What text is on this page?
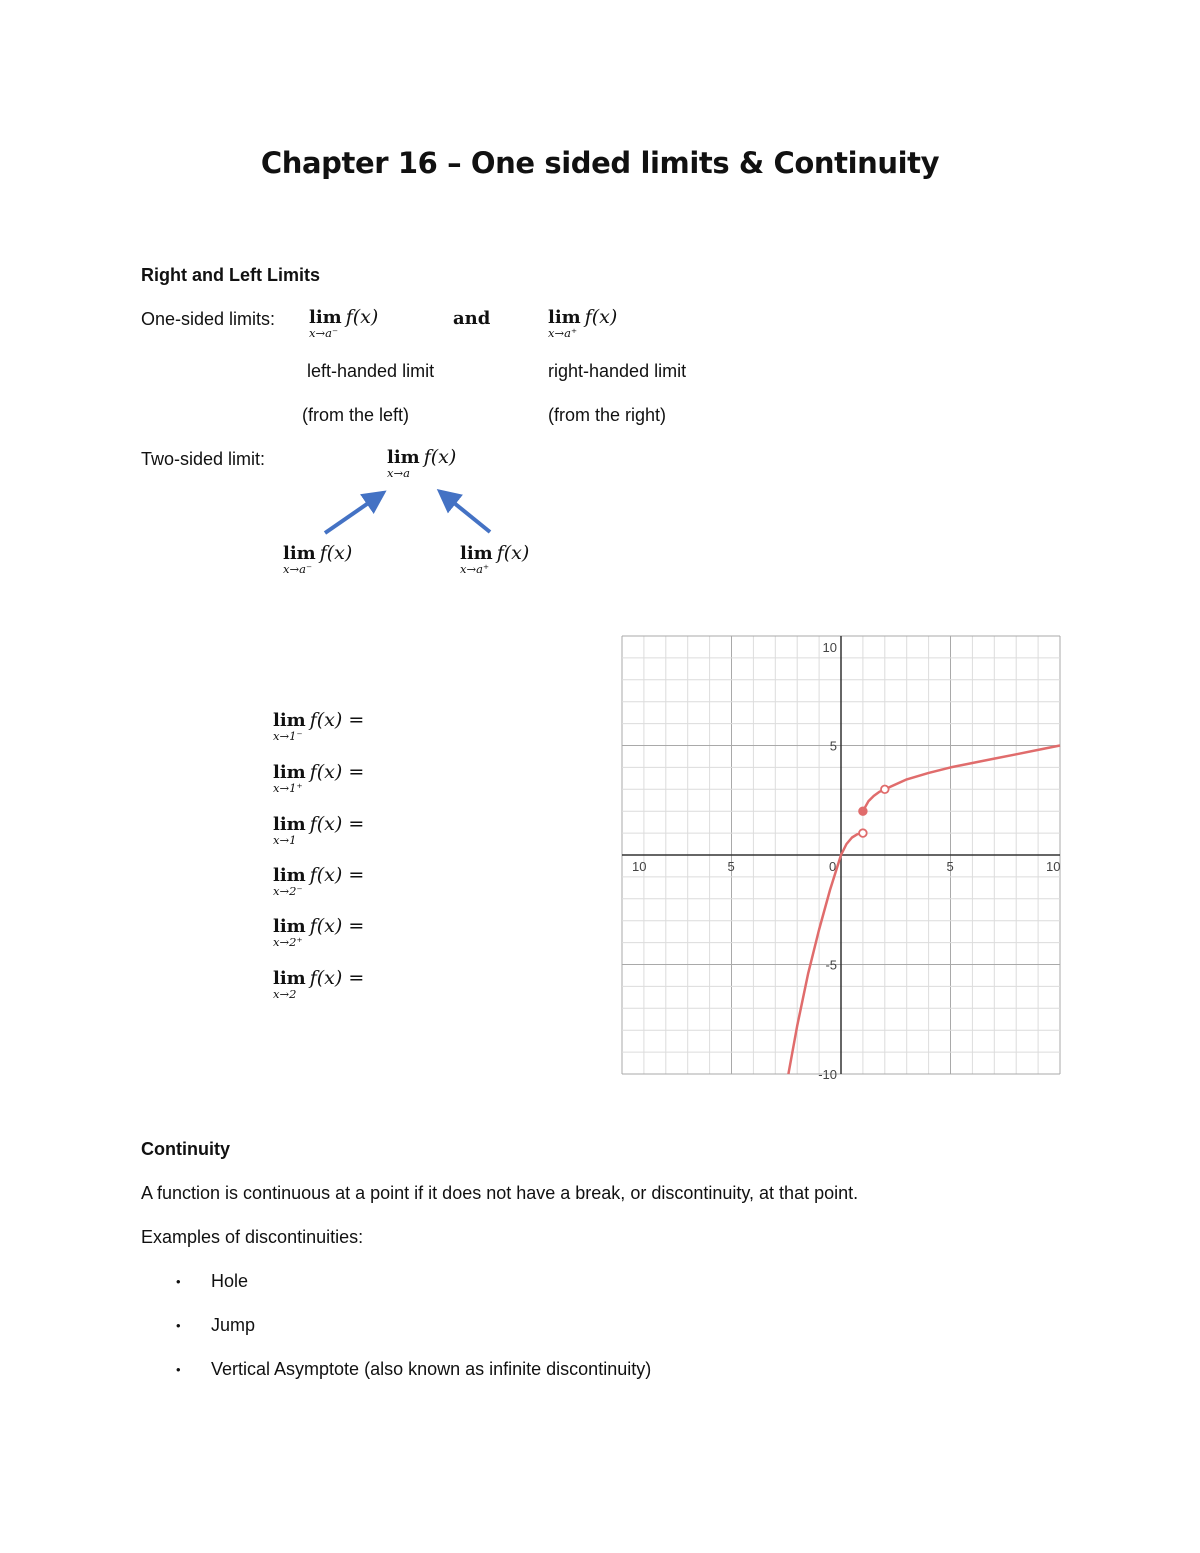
Chapter 16 – One sided limits & Continuity
Right and Left Limits
One-sided limits: lim f(x)
x→a⁻
and	lim f(x)
x→a⁺
left-handed limit	right-handed limit
(from the left)	(from the right)
Two-sided limit:	lim f(x)
x→a
lim f(x)
x→a⁻
lim f(x)
x→a⁺
lim f(x) =
x→1⁻
lim f(x) =
x→1⁺
lim f(x) =
x→1
lim f(x) =
x→2⁻
lim f(x) =
x→2⁺
lim f(x) =
x→2
10	5	0	5	10
10
5
-5
-10
Continuity
A function is continuous at a point if it does not have a break, or discontinuity, at that point.
Examples of discontinuities:
• Hole
• Jump
• Vertical Asymptote (also known as infinite discontinuity)
